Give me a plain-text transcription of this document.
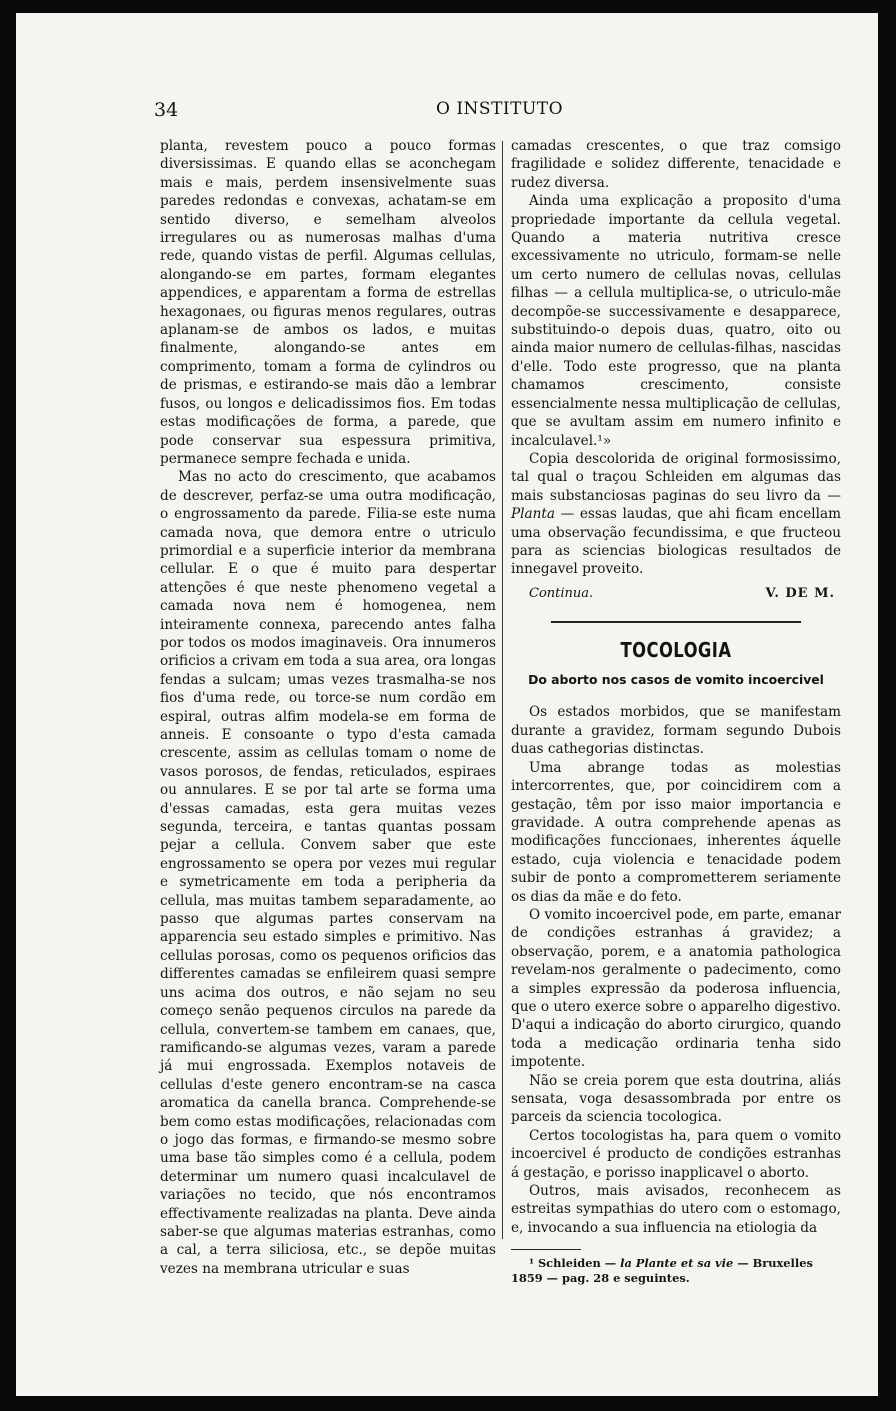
34	O INSTITUTO

planta, revestem pouco a pouco formas diversissimas. E quando ellas se aconchegam mais e mais, perdem insensivelmente suas paredes redondas e convexas, achatam-se em sentido diverso, e semelham alveolos irregulares ou as numerosas malhas d'uma rede, quando vistas de perfil. Algumas cellulas, alongando-se em partes, formam elegantes appendices, e apparentam a forma de estrellas hexagonaes, ou figuras menos regulares, outras aplanam-se de ambos os lados, e muitas finalmente, alongando-se antes em comprimento, tomam a forma de cylindros ou de prismas, e estirando-se mais dão a lembrar fusos, ou longos e delicadissimos fios. Em todas estas modificações de forma, a parede, que pode conservar sua espessura primitiva, permanece sempre fechada e unida.

Mas no acto do crescimento, que acabamos de descrever, perfaz-se uma outra modificação, o engrossamento da parede. Filia-se este numa camada nova, que demora entre o utriculo primordial e a superficie interior da membrana cellular. E o que é muito para despertar attenções é que neste phenomeno vegetal a camada nova nem é homogenea, nem inteiramente connexa, parecendo antes falha por todos os modos imaginaveis. Ora innumeros orificios a crivam em toda a sua area, ora longas fendas a sulcam; umas vezes trasmalha-se nos fios d'uma rede, ou torce-se num cordão em espiral, outras alfim modela-se em forma de anneis. E consoante o typo d'esta camada crescente, assim as cellulas tomam o nome de vasos porosos, de fendas, reticulados, espiraes ou annulares. E se por tal arte se forma uma d'essas camadas, esta gera muitas vezes segunda, terceira, e tantas quantas possam pejar a cellula. Convem saber que este engrossamento se opera por vezes mui regular e symetricamente em toda a peripheria da cellula, mas muitas tambem separadamente, ao passo que algumas partes conservam na apparencia seu estado simples e primitivo. Nas cellulas porosas, como os pequenos orificios das differentes camadas se enfileirem quasi sempre uns acima dos outros, e não sejam no seu começo senão pequenos circulos na parede da cellula, convertem-se tambem em canaes, que, ramificando-se algumas vezes, varam a parede já mui engrossada. Exemplos notaveis de cellulas d'este genero encontram-se na casca aromatica da canella branca. Comprehende-se bem como estas modificações, relacionadas com o jogo das formas, e firmando-se mesmo sobre uma base tão simples como é a cellula, podem determinar um numero quasi incalculavel de variações no tecido, que nós encontramos effectivamente realizadas na planta. Deve ainda saber-se que algumas materias estranhas, como a cal, a terra siliciosa, etc., se depõe muitas vezes na membrana utricular e suas

camadas crescentes, o que traz comsigo fragilidade e solidez differente, tenacidade e rudez diversa.

Ainda uma explicação a proposito d'uma propriedade importante da cellula vegetal. Quando a materia nutritiva cresce excessivamente no utriculo, formam-se nelle um certo numero de cellulas novas, cellulas filhas — a cellula multiplica-se, o utriculo-mãe decompõe-se successivamente e desapparece, substituindo-o depois duas, quatro, oito ou ainda maior numero de cellulas-filhas, nascidas d'elle. Todo este progresso, que na planta chamamos crescimento, consiste essencialmente nessa multiplicação de cellulas, que se avultam assim em numero infinito e incalculavel.¹»

Copia descolorida de original formosissimo, tal qual o traçou Schleiden em algumas das mais substanciosas paginas do seu livro da — Planta — essas laudas, que ahi ficam encellam uma observação fecundissima, e que fructeou para as sciencias biologicas resultados de innegavel proveito.

Continua.	V. DE M.
TOCOLOGIA
Do aborto nos casos de vomito incoercivel

Os estados morbidos, que se manifestam durante a gravidez, formam segundo Dubois duas cathegorias distinctas.

Uma abrange todas as molestias intercorrentes, que, por coincidirem com a gestação, têm por isso maior importancia e gravidade. A outra comprehende apenas as modificações funccionaes, inherentes áquelle estado, cuja violencia e tenacidade podem subir de ponto a comprometterem seriamente os dias da mãe e do feto.

O vomito incoercivel pode, em parte, emanar de condições estranhas á gravidez; a observação, porem, e a anatomia pathologica revelam-nos geralmente o padecimento, como a simples expressão da poderosa influencia, que o utero exerce sobre o apparelho digestivo. D'aqui a indicação do aborto cirurgico, quando toda a medicação ordinaria tenha sido impotente.

Não se creia porem que esta doutrina, aliás sensata, voga desassombrada por entre os parceis da sciencia tocologica.

Certos tocologistas ha, para quem o vomito incoercivel é producto de condições estranhas á gestação, e porisso inapplicavel o aborto.

Outros, mais avisados, reconhecem as estreitas sympathias do utero com o estomago, e, invocando a sua influencia na etiologia da

¹ Schleiden — la Plante et sa vie — Bruxelles 1859 — pag. 28 e seguintes.
